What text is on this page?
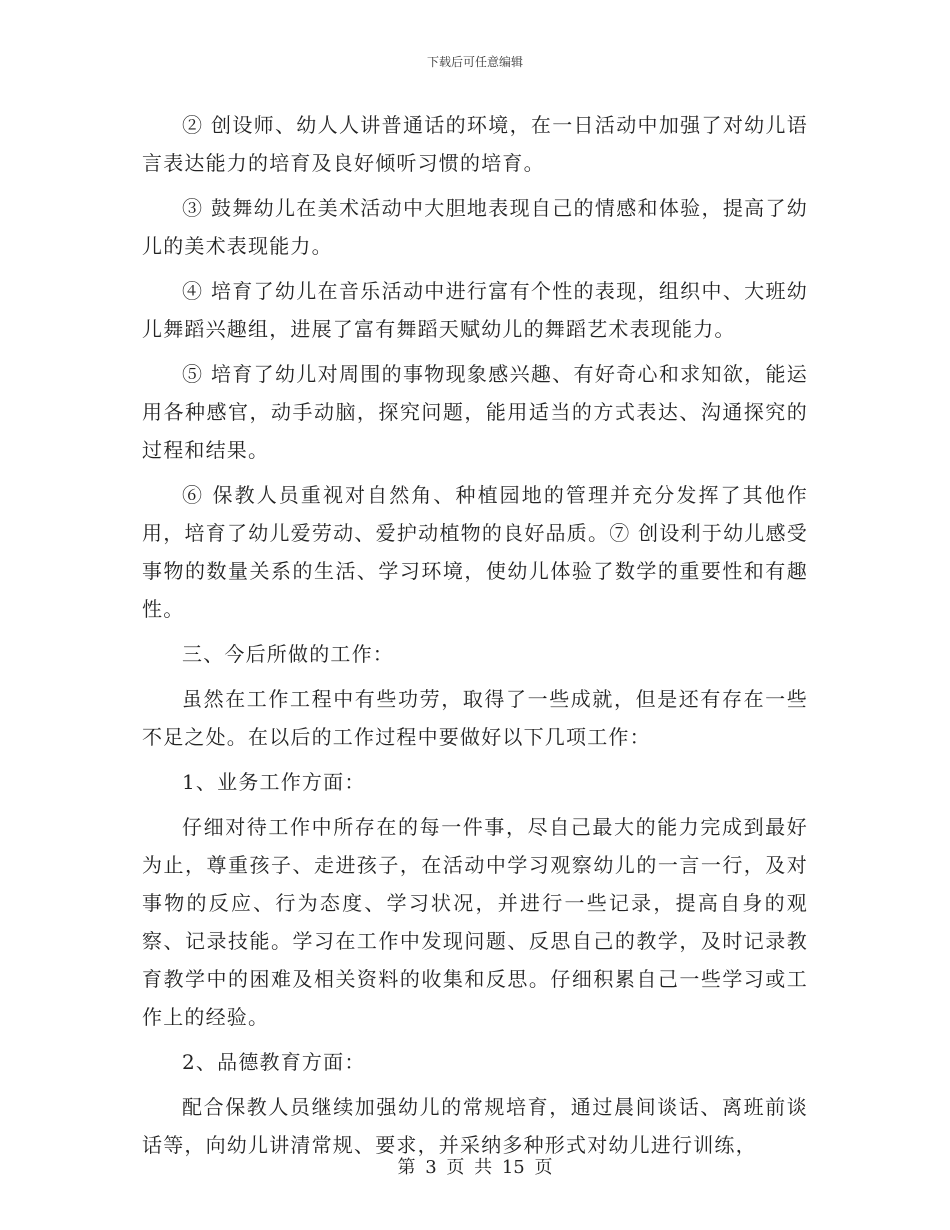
下载后可任意编辑

② 创设师、幼人人讲普通话的环境，在一日活动中加强了对幼儿语言表达能力的培育及良好倾听习惯的培育。

③ 鼓舞幼儿在美术活动中大胆地表现自己的情感和体验，提高了幼儿的美术表现能力。

④ 培育了幼儿在音乐活动中进行富有个性的表现，组织中、大班幼儿舞蹈兴趣组，进展了富有舞蹈天赋幼儿的舞蹈艺术表现能力。

⑤ 培育了幼儿对周围的事物现象感兴趣、有好奇心和求知欲，能运用各种感官，动手动脑，探究问题，能用适当的方式表达、沟通探究的过程和结果。

⑥ 保教人员重视对自然角、种植园地的管理并充分发挥了其他作用，培育了幼儿爱劳动、爱护动植物的良好品质。⑦ 创设利于幼儿感受事物的数量关系的生活、学习环境，使幼儿体验了数学的重要性和有趣性。

三、今后所做的工作：

虽然在工作工程中有些功劳，取得了一些成就，但是还有存在一些不足之处。在以后的工作过程中要做好以下几项工作：

1、业务工作方面：

仔细对待工作中所存在的每一件事，尽自己最大的能力完成到最好为止，尊重孩子、走进孩子，在活动中学习观察幼儿的一言一行，及对事物的反应、行为态度、学习状况，并进行一些记录，提高自身的观察、记录技能。学习在工作中发现问题、反思自己的教学，及时记录教育教学中的困难及相关资料的收集和反思。仔细积累自己一些学习或工作上的经验。

2、品德教育方面：

配合保教人员继续加强幼儿的常规培育，通过晨间谈话、离班前谈话等，向幼儿讲清常规、要求，并采纳多种形式对幼儿进行训练，

第 3 页 共 15 页
